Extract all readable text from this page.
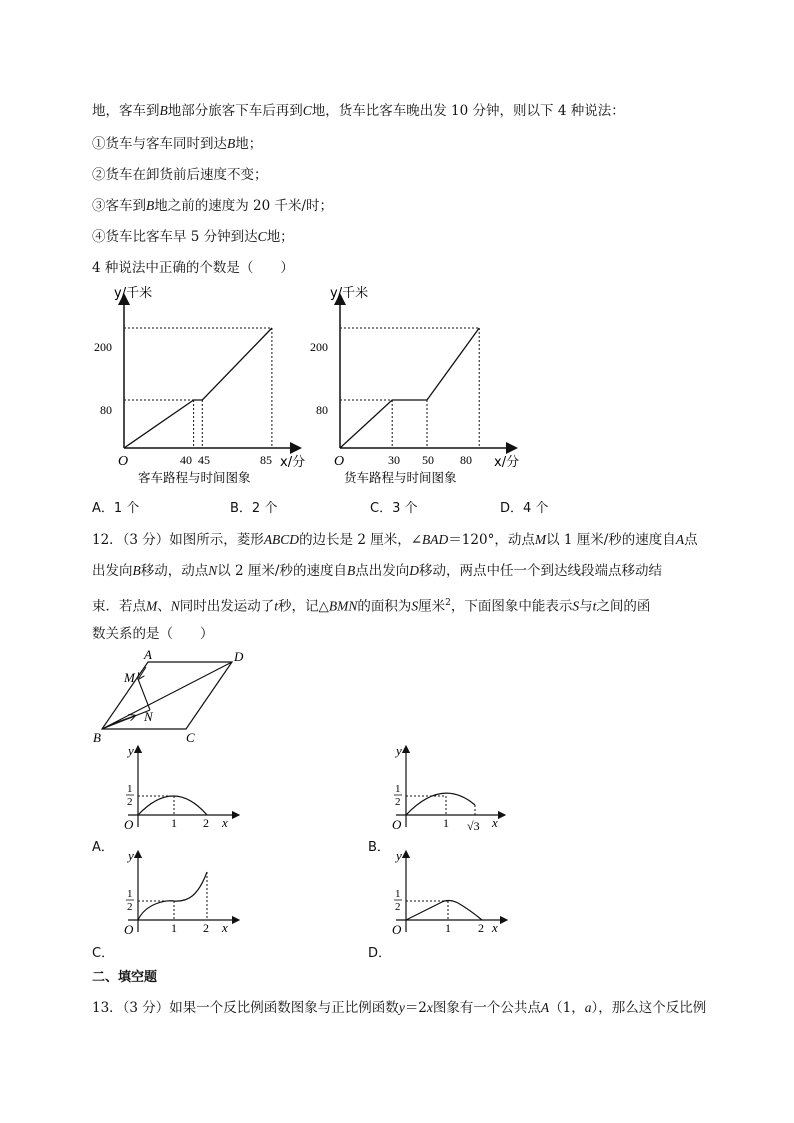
地，客车到B地部分旅客下车后再到C地，货车比客车晚出发 10 分钟，则以下 4 种说法：
①货车与客车同时到达B地；
②货车在卸货前后速度不变；
③客车到B地之前的速度为 20 千米/时；
④货车比客车早 5 分钟到达C地；
4 种说法中正确的个数是（　　）
y/千米
x/分
O
80
200
40 45	85
客车路程与时间图象
y/千米
x/分
O
80
200
30 50 80
货车路程与时间图象
A．1 个	B．2 个	C．3 个	D．4 个
12．（3 分）如图所示，菱形ABCD的边长是 2 厘米，∠BAD＝120°，动点M以 1 厘米/秒的速度自A点
出发向B移动，动点N以 2 厘米/秒的速度自B点出发向D移动，两点中任一个到达线段端点移动结
束．若点M、N同时出发运动了t秒，记△BMN的面积为S厘米$^2$，下面图象中能表示S与t之间的函
数关系的是（　　）
A	D
M
N
B	C
y
x
O
1
2
1 2
A．
y
x
O
1
2
1 √3
B．
y
x
O
1
2
1 2
C．
y
x
O
1
2
1 2
D．
二、填空题
13．（3 分）如果一个反比例函数图象与正比例函数y＝2x图象有一个公共点A（1，a），那么这个反比例
